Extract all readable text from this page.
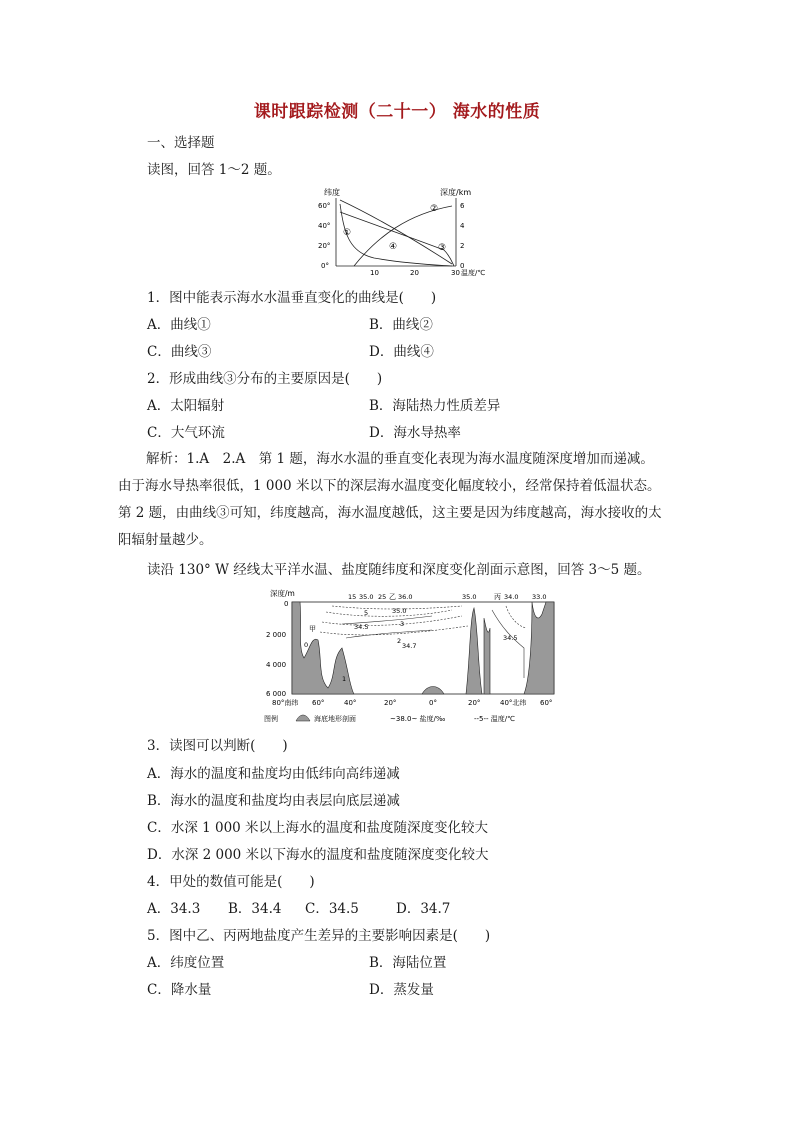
课时跟踪检测（二十一） 海水的性质
一、选择题
读图，回答 1～2 题。
纬度	深度/km
60°
40°
20°
0°
6
4
2
0
10	20	30 温度/℃
①
②
③
④
1．图中能表示海水水温垂直变化的曲线是(　　)
A．曲线①	B．曲线②
C．曲线③	D．曲线④
2．形成曲线③分布的主要原因是(　　)
A．太阳辐射	B．海陆热力性质差异
C．大气环流	D．海水导热率
解析：1.A　2.A　第 1 题，海水水温的垂直变化表现为海水温度随深度增加而递减。由于海水导热率很低，1 000 米以下的深层海水温度变化幅度较小，经常保持着低温状态。第 2 题，由曲线③可知，纬度越高，海水温度越低，这主要是因为纬度越高，海水接收的太阳辐射量越少。
读沿 130° W 经线太平洋水温、盐度随纬度和深度变化剖面示意图，回答 3～5 题。
深度/m
0
2 000
4 000
6 000
15 35.0 25 乙 36.0	35.0	丙 34.0 33.0
5	35.0
3
34.5
2
34.7
34.5
甲
0
1
80°南纬 60°	40°	20°	0°	20°	40°北纬 60°
图例	海底地形剖面	~38.0~ 盐度/‰	--5-- 温度/℃
3．读图可以判断(　　)
A．海水的温度和盐度均由低纬向高纬递减
B．海水的温度和盐度均由表层向底层递减
C．水深 1 000 米以上海水的温度和盐度随深度变化较大
D．水深 2 000 米以下海水的温度和盐度随深度变化较大
4．甲处的数值可能是(　　)
A．34.3 B．34.4 C．34.5	D．34.7
5．图中乙、丙两地盐度产生差异的主要影响因素是(　　)
A．纬度位置	B．海陆位置
C．降水量	D．蒸发量
